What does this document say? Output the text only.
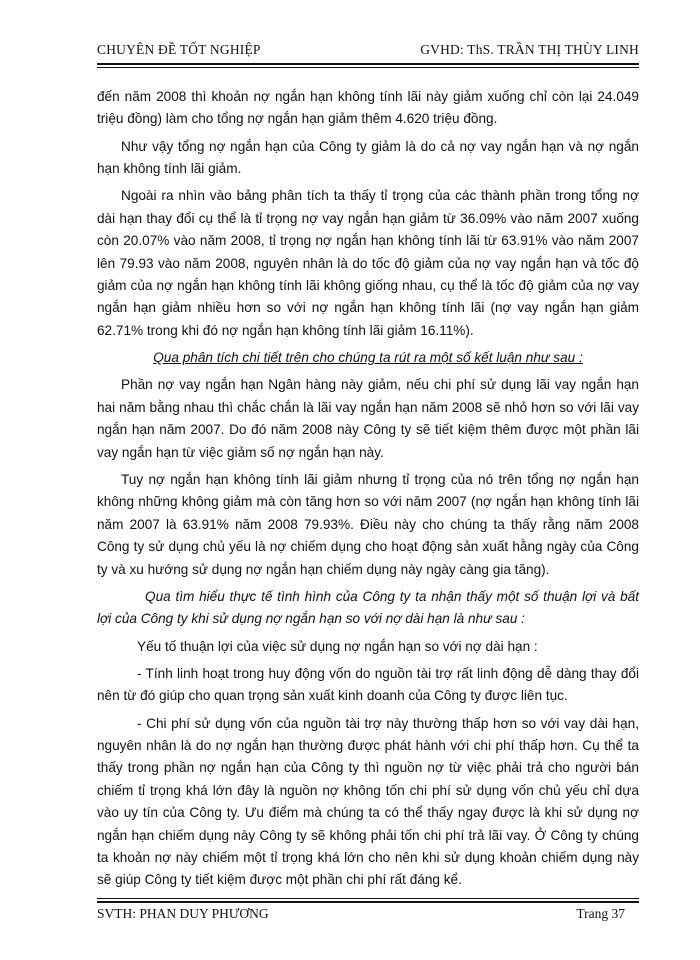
CHUYÊN ĐỀ TỐT NGHIỆP	GVHD: ThS. TRẦN THỊ THÙY LINH

đến năm 2008 thì khoản nợ ngắn hạn không tính lãi này giảm xuống chỉ còn lại 24.049 triệu đồng) làm cho tổng nợ ngắn hạn giảm thêm 4.620 triệu đồng.

Như vậy tổng nợ ngắn hạn của Công ty giảm là do cả nợ vay ngắn hạn và nợ ngắn hạn không tính lãi giảm.

Ngoài ra nhìn vào bảng phân tích ta thấy tỉ trọng của các thành phần trong tổng nợ dài hạn thay đổi cụ thể là tỉ trọng nợ vay ngắn hạn giảm từ 36.09% vào năm 2007 xuống còn 20.07% vào năm 2008, tỉ trọng nợ ngắn hạn không tính lãi từ 63.91% vào năm 2007 lên 79.93 vào năm 2008, nguyên nhân là do tốc độ giảm của nợ vay ngắn hạn và tốc độ giảm của nợ ngắn hạn không tính lãi không giống nhau, cụ thể là tốc độ giảm của nợ vay ngắn hạn giảm nhiều hơn so với nợ ngắn hạn không tính lãi (nợ vay ngắn hạn giảm 62.71% trong khi đó nợ ngắn hạn không tính lãi giảm 16.11%).

Qua phân tích chi tiết trên cho chúng ta rút ra một số kết luận như sau :

Phần nợ vay ngắn hạn Ngân hàng này giảm, nếu chi phí sử dụng lãi vay ngắn hạn hai năm bằng nhau thì chắc chắn là lãi vay ngắn hạn năm 2008 sẽ nhỏ hơn so với lãi vay ngắn hạn năm 2007. Do đó năm 2008 này Công ty sẽ tiết kiệm thêm được một phần lãi vay ngắn hạn từ việc giảm số nợ ngắn hạn này.

Tuy nợ ngắn hạn không tính lãi giảm nhưng tỉ trọng của nó trên tổng nợ ngắn hạn không những không giảm mà còn tăng hơn so với năm 2007 (nợ ngắn hạn không tính lãi năm 2007 là 63.91% năm 2008 79.93%. Điều này cho chúng ta thấy rằng năm 2008 Công ty sử dụng chủ yếu là nợ chiếm dụng cho hoạt động sản xuất hằng ngày của Công ty và xu hướng sử dụng nợ ngắn hạn chiếm dụng này ngày càng gia tăng).

Qua tìm hiểu thực tế tình hình của Công ty ta nhận thấy một số thuận lợi và bất lợi của Công ty khi sử dụng nợ ngắn hạn so với nợ dài hạn là như sau :

Yếu tố thuận lợi của việc sử dụng nợ ngắn hạn so với nợ dài hạn :

- Tính linh hoạt trong huy động vốn do nguồn tài trợ rất linh động dễ dàng thay đổi nên từ đó giúp cho quan trọng sản xuất kinh doanh của Công ty được liên tục.

- Chi phí sử dụng vốn của nguồn tài trợ này thường thấp hơn so với vay dài hạn, nguyên nhân là do nợ ngắn hạn thường được phát hành với chi phí thấp hơn. Cụ thể ta thấy trong phần nợ ngắn hạn của Công ty thì nguồn nợ từ việc phải trả cho người bán chiếm tỉ trọng khá lớn đây là nguồn nợ không tốn chi phí sử dụng vốn chủ yếu chỉ dựa vào uy tín của Công ty. Ưu điểm mà chúng ta có thể thấy ngay được là khi sử dụng nợ ngắn hạn chiếm dụng này Công ty sẽ không phải tốn chi phí trả lãi vay. Ở Công ty chúng ta khoản nợ này chiếm một tỉ trọng khá lớn cho nên khi sử dụng khoản chiếm dụng này sẽ giúp Công ty tiết kiệm được một phần chi phí rất đáng kể.

SVTH: PHAN DUY PHƯƠNG	Trang 37
